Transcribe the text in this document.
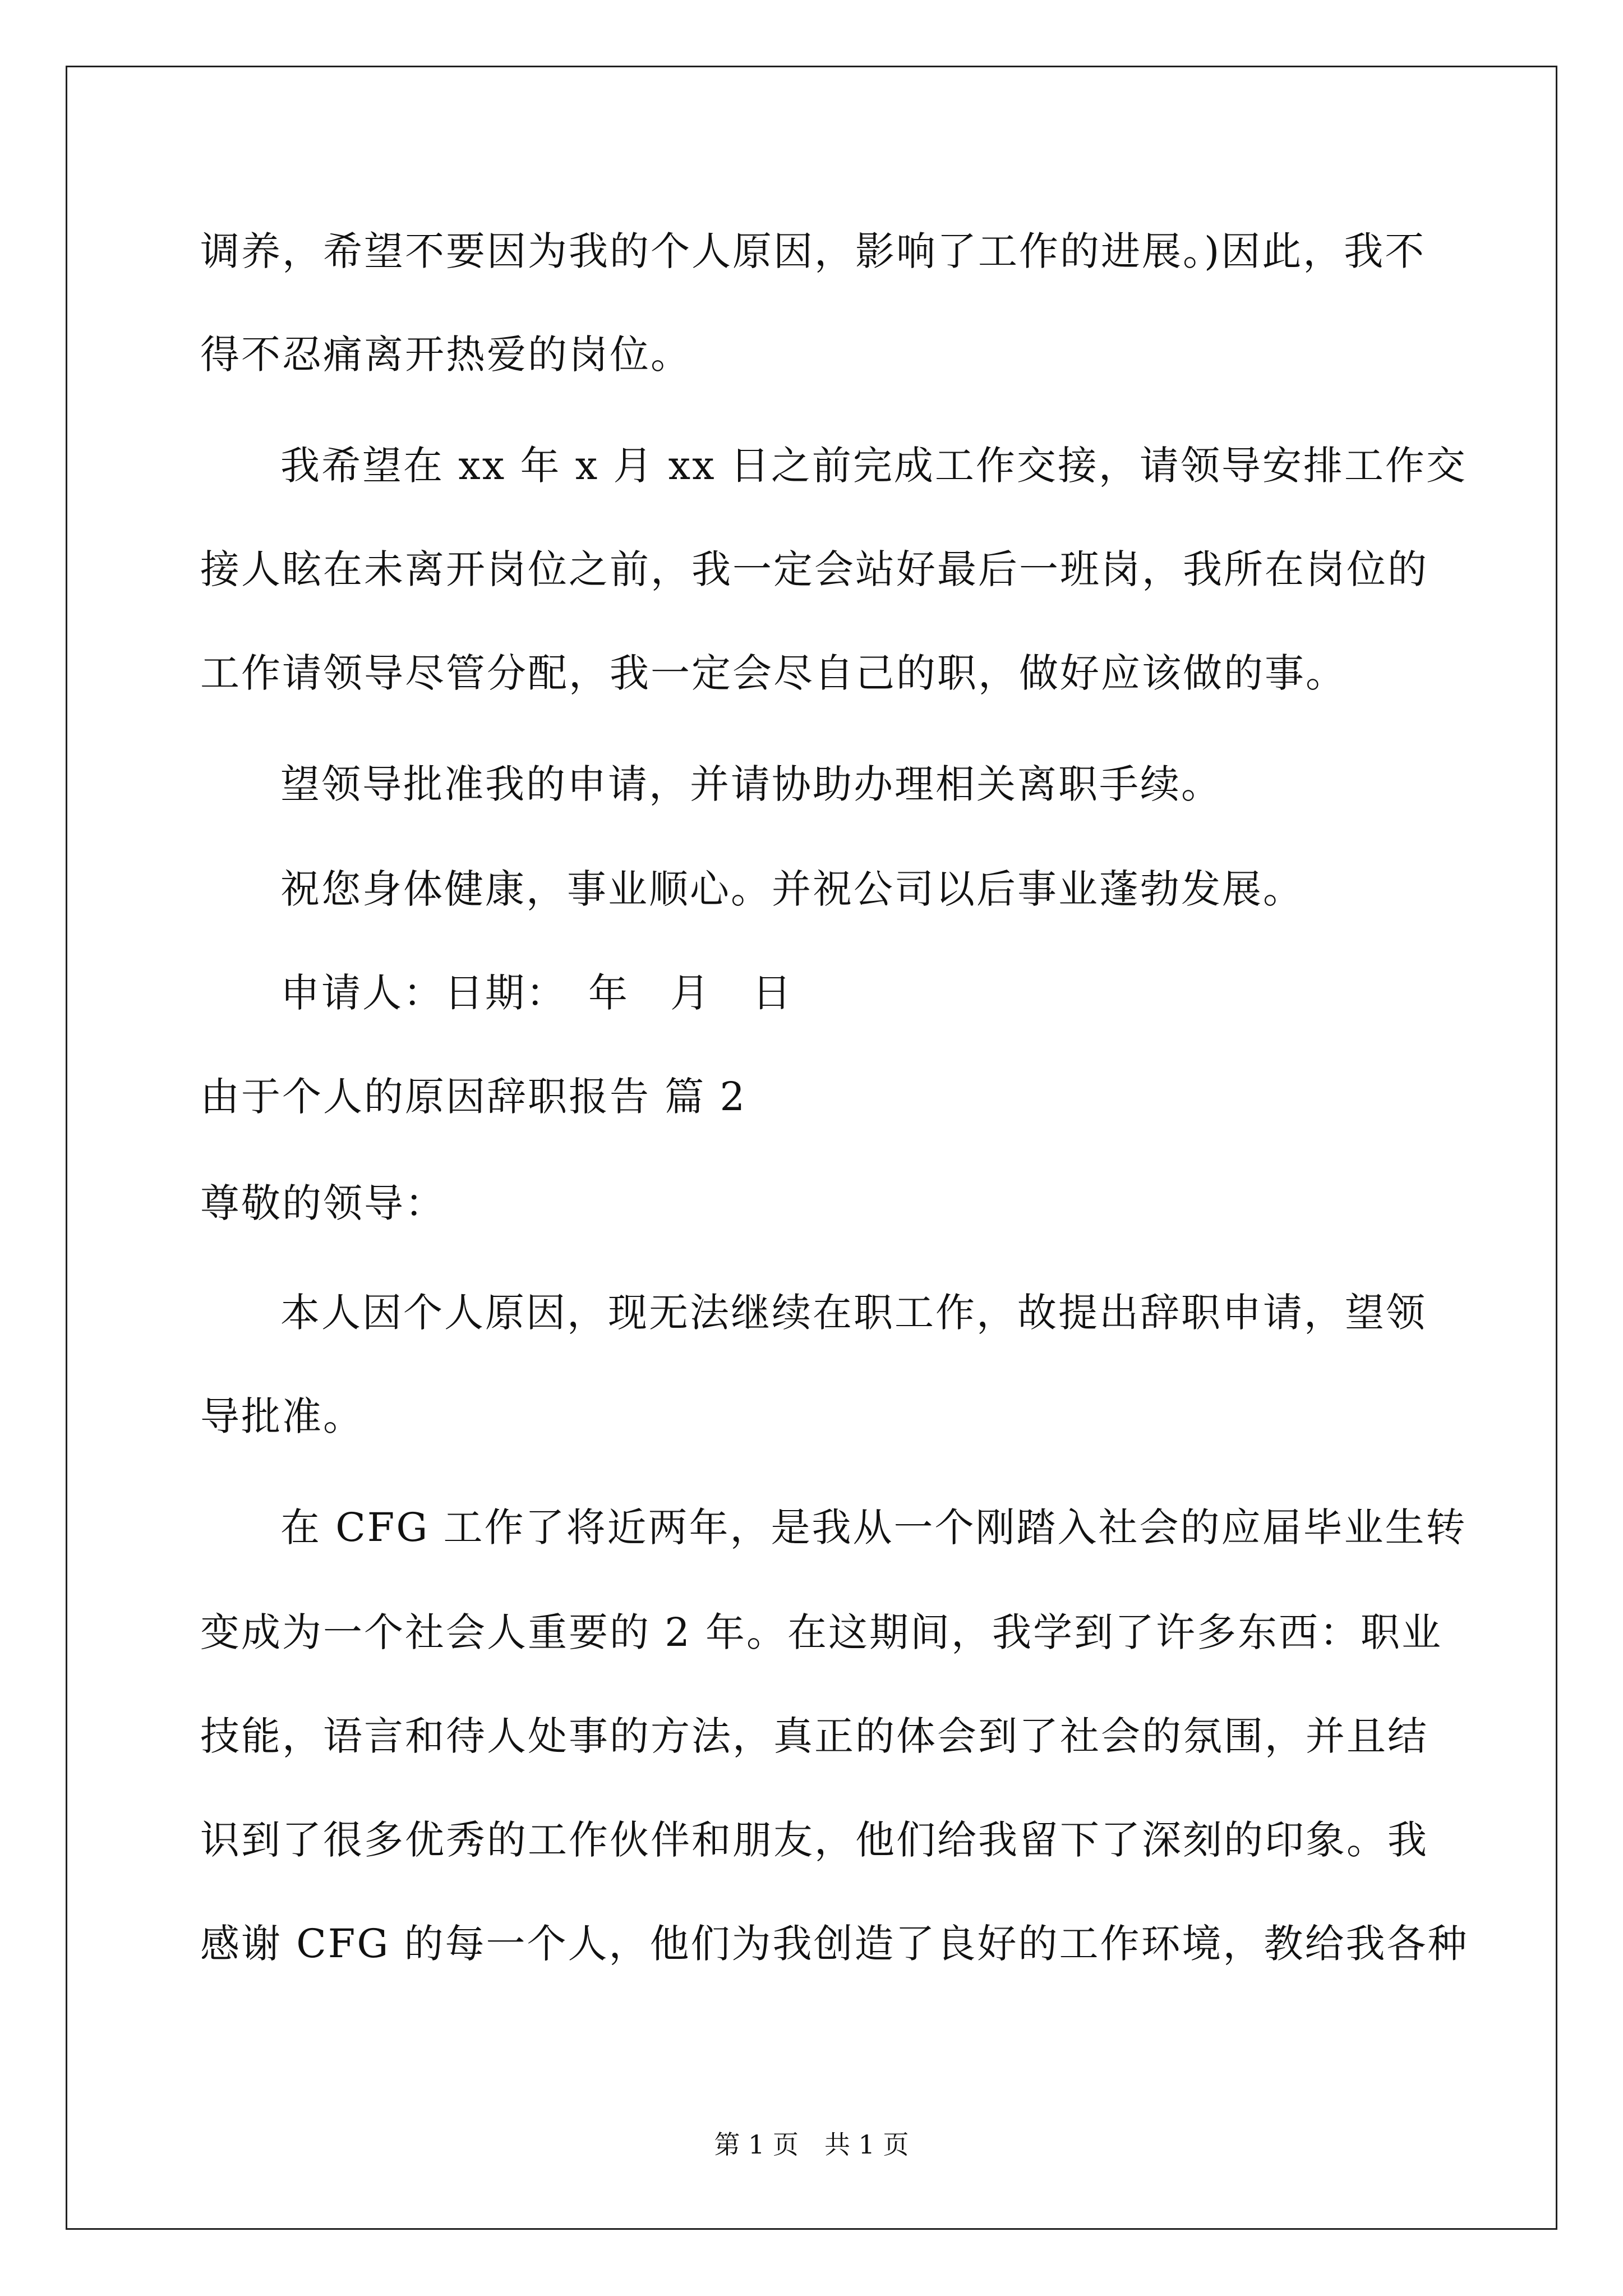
调养，希望不要因为我的个人原因，影响了工作的进展。)因此，我不
得不忍痛离开热爱的岗位。
我希望在 xx 年 x 月 xx 日之前完成工作交接，请领导安排工作交
接人眩在未离开岗位之前，我一定会站好最后一班岗，我所在岗位的
工作请领导尽管分配，我一定会尽自己的职，做好应该做的事。
望领导批准我的申请，并请协助办理相关离职手续。
祝您身体健康，事业顺心。并祝公司以后事业蓬勃发展。
申请人：日期：　年　月　日
由于个人的原因辞职报告 篇 2
尊敬的领导：
本人因个人原因，现无法继续在职工作，故提出辞职申请，望领
导批准。
在 CFG 工作了将近两年，是我从一个刚踏入社会的应届毕业生转
变成为一个社会人重要的 2 年。在这期间，我学到了许多东西：职业
技能，语言和待人处事的方法，真正的体会到了社会的氛围，并且结
识到了很多优秀的工作伙伴和朋友，他们给我留下了深刻的印象。我
感谢 CFG 的每一个人，他们为我创造了良好的工作环境，教给我各种
第 1 页　共 1 页
